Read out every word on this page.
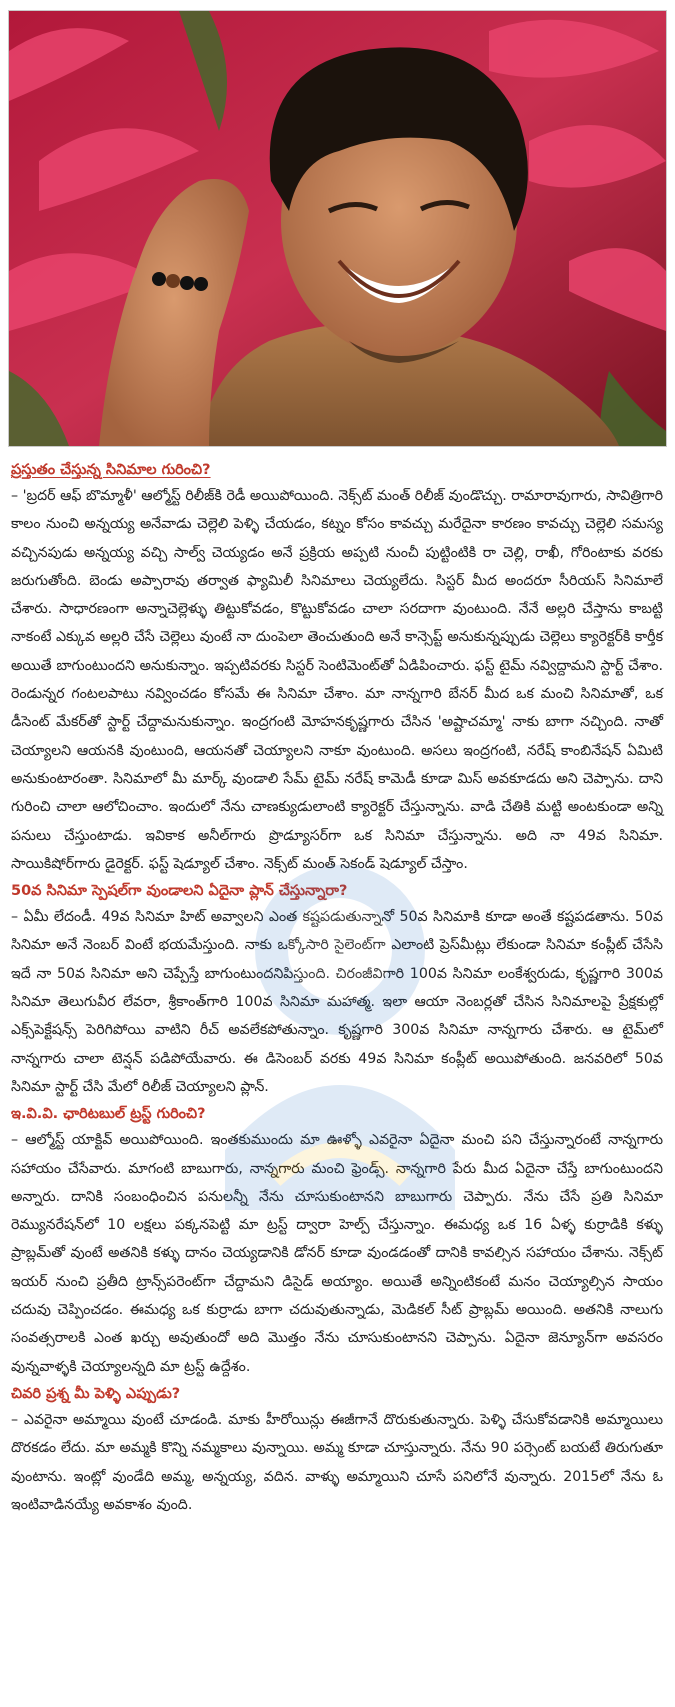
ప్రస్తుతం చేస్తున్న సినిమాల గురించి?

– 'బ్రదర్ ఆఫ్ బొమ్మాళీ' ఆల్మోస్ట్ రిలీజ్‌కి రెడీ అయిపోయింది. నెక్స్‌ట్ మంత్ రిలీజ్ వుండొచ్చు. రామారావుగారు, సావిత్రిగారి కాలం నుంచి అన్నయ్య అనేవాడు చెల్లెలి పెళ్ళి చేయడం, కట్నం కోసం కావచ్చు మరేదైనా కారణం కావచ్చు చెల్లెలి సమస్య వచ్చినపుడు అన్నయ్య వచ్చి సాల్వ్ చెయ్యడం అనే ప్రక్రియ అప్పటి నుంచీ పుట్టింటికి రా చెల్లి, రాఖీ, గోరింటాకు వరకు జరుగుతోంది. బెండు అప్పారావు తర్వాత ఫ్యామిలీ సినిమాలు చెయ్యలేదు. సిస్టర్ మీద అందరూ సీరియస్ సినిమాలే చేశారు. సాధారణంగా అన్నాచెల్లెళ్ళు తిట్టుకోవడం, కొట్టుకోవడం చాలా సరదాగా వుంటుంది. నేనే అల్లరి చేస్తాను కాబట్టి నాకంటే ఎక్కువ అల్లరి చేసే చెల్లెలు వుంటే నా దుంపెలా తెంచుతుంది అనే కాన్సెప్ట్ అనుకున్నప్పుడు చెల్లెలు క్యారెక్టర్‌కి కార్తీక అయితే బాగుంటుందని అనుకున్నాం. ఇప్పటివరకు సిస్టర్ సెంటిమెంట్‌తో ఏడిపించారు. ఫస్ట్ టైమ్ నవ్విద్దామని స్టార్ట్ చేశాం. రెండున్నర గంటలపాటు నవ్వించడం కోసమే ఈ సినిమా చేశాం. మా నాన్నగారి బేనర్ మీద ఒక మంచి సినిమాతో, ఒక డీసెంట్ మేకర్‌తో స్టార్ట్ చేద్దామనుకున్నాం. ఇంద్రగంటి మోహనకృష్ణగారు చేసిన 'అష్టాచమ్మా' నాకు బాగా నచ్చింది. నాతో చెయ్యాలని ఆయనకి వుంటుంది, ఆయనతో చెయ్యాలని నాకూ వుంటుంది. అసలు ఇంద్రగంటి, నరేష్ కాంబినేషన్ ఏమిటి అనుకుంటారంతా. సినిమాలో మీ మార్క్ వుండాలి సేమ్ టైమ్ నరేష్ కామెడీ కూడా మిస్ అవకూడదు అని చెప్పాను. దాని గురించి చాలా ఆలోచించాం. ఇందులో నేను చాణక్యుడులాంటి క్యారెక్టర్ చేస్తున్నాను. వాడి చేతికి మట్టి అంటకుండా అన్ని పనులు చేస్తుంటాడు. ఇవికాక అనీల్‌గారు ప్రొడ్యూసర్‌గా ఒక సినిమా చేస్తున్నాను. అది నా 49వ సినిమా. సాయికిషోర్‌గారు డైరెక్టర్. ఫస్ట్ షెడ్యూల్ చేశాం. నెక్స్‌ట్ మంత్ సెకండ్ షెడ్యూల్ చేస్తాం.

50వ సినిమా స్పెషల్‌గా వుండాలని ఏదైనా ప్లాన్ చేస్తున్నారా?

– ఏమీ లేదండీ. 49వ సినిమా హిట్ అవ్వాలని ఎంత కష్టపడుతున్నానో 50వ సినిమాకి కూడా అంతే కష్టపడతాను. 50వ సినిమా అనే నెంబర్ వింటే భయమేస్తుంది. నాకు ఒక్కోసారి సైలెంట్‌గా ఎలాంటి ప్రెస్‌మీట్లు లేకుండా సినిమా కంప్లీట్ చేసేసి ఇదే నా 50వ సినిమా అని చెప్పేస్తే బాగుంటుందనిపిస్తుంది. చిరంజీవిగారి 100వ సినిమా లంకేశ్వరుడు, కృష్ణగారి 300వ సినిమా తెలుగువీర లేవరా, శ్రీకాంత్‌గారి 100వ సినిమా మహాత్మ. ఇలా ఆయా నెంబర్లతో చేసిన సినిమాలపై ప్రేక్షకుల్లో ఎక్స్‌పెక్టేషన్స్ పెరిగిపోయి వాటిని రీచ్ అవలేకపోతున్నాం. కృష్ణగారి 300వ సినిమా నాన్నగారు చేశారు. ఆ టైమ్‌లో నాన్నగారు చాలా టెన్షన్ పడిపోయేవారు. ఈ డిసెంబర్ వరకు 49వ సినిమా కంప్లీట్ అయిపోతుంది. జనవరిలో 50వ సినిమా స్టార్ట్ చేసి మేలో రిలీజ్ చెయ్యాలని ప్లాన్.

ఇ.వి.వి. ఛారిటబుల్ ట్రస్ట్ గురించి?

– ఆల్మోస్ట్ యాక్టివ్ అయిపోయింది. ఇంతకుముందు మా ఊళ్ళో ఎవరైనా ఏదైనా మంచి పని చేస్తున్నారంటే నాన్నగారు సహాయం చేసేవారు. మాగంటి బాబుగారు, నాన్నగారు మంచి ఫ్రెండ్స్. నాన్నగారి పేరు మీద ఏదైనా చేస్తే బాగుంటుందని అన్నారు. దానికి సంబంధించిన పనులన్నీ నేను చూసుకుంటానని బాబుగారు చెప్పారు. నేను చేసే ప్రతి సినిమా రెమ్యునరేషన్‌లో 10 లక్షలు పక్కనపెట్టి మా ట్రస్ట్ ద్వారా హెల్ప్ చేస్తున్నాం. ఈమధ్య ఒక 16 ఏళ్ళ కుర్రాడికి కళ్ళు ప్రాబ్లమ్‌తో వుంటే అతనికి కళ్ళు దానం చెయ్యడానికి డోనర్ కూడా వుండడంతో దానికి కావల్సిన సహాయం చేశాను. నెక్స్‌ట్ ఇయర్ నుంచి ప్రతీది ట్రాన్స్‌పరెంట్‌గా చేద్దామని డిసైడ్ అయ్యాం. అయితే అన్నింటికంటే మనం చెయ్యాల్సిన సాయం చదువు చెప్పించడం. ఈమధ్య ఒక కుర్రాడు బాగా చదువుతున్నాడు, మెడికల్ సీట్ ప్రాబ్లమ్ అయింది. అతనికి నాలుగు సంవత్సరాలకి ఎంత ఖర్చు అవుతుందో అది మొత్తం నేను చూసుకుంటానని చెప్పాను. ఏదైనా జెన్యూన్‌గా అవసరం వున్నవాళ్ళకి చెయ్యాలన్నది మా ట్రస్ట్ ఉద్దేశం.

చివరి ప్రశ్న మీ పెళ్ళి ఎప్పుడు?

– ఎవరైనా అమ్మాయి వుంటే చూడండి. మాకు హీరోయిన్లు ఈజీగానే దొరుకుతున్నారు. పెళ్ళి చేసుకోవడానికి అమ్మాయిలు దొరకడం లేదు. మా అమ్మకి కొన్ని నమ్మకాలు వున్నాయి. అమ్మ కూడా చూస్తున్నారు. నేను 90 పర్సెంట్ బయటే తిరుగుతూ వుంటాను. ఇంట్లో వుండేది అమ్మ, అన్నయ్య, వదిన. వాళ్ళు అమ్మాయిని చూసే పనిలోనే వున్నారు. 2015లో నేను ఓ ఇంటివాడినయ్యే అవకాశం వుంది.
